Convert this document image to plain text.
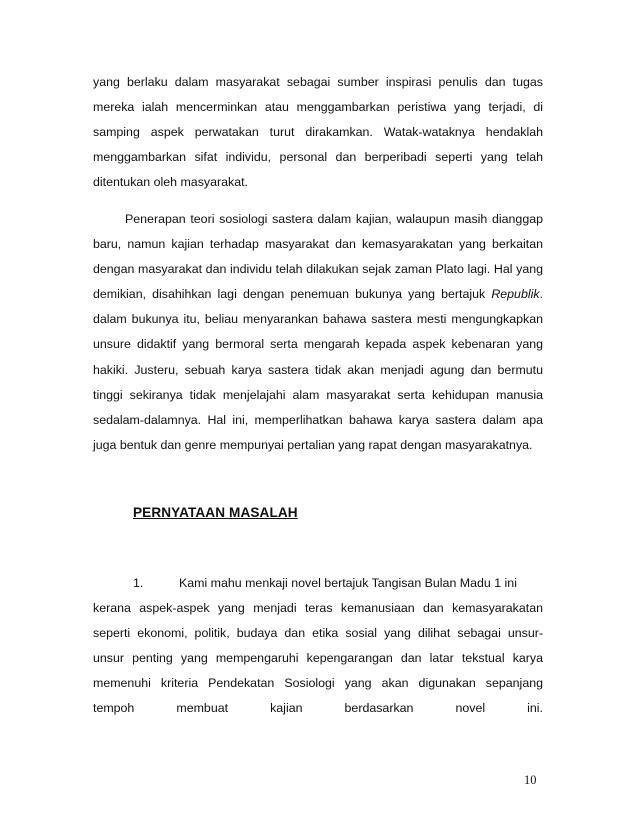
yang berlaku dalam masyarakat sebagai sumber inspirasi penulis dan tugas mereka ialah mencerminkan atau menggambarkan peristiwa yang terjadi, di samping aspek perwatakan turut dirakamkan. Watak-wataknya hendaklah menggambarkan sifat individu, personal dan berperibadi seperti yang telah ditentukan oleh masyarakat.

Penerapan teori sosiologi sastera dalam kajian, walaupun masih dianggap baru, namun kajian terhadap masyarakat dan kemasyarakatan yang berkaitan dengan masyarakat dan individu telah dilakukan sejak zaman Plato lagi. Hal yang demikian, disahihkan lagi dengan penemuan bukunya yang bertajuk Republik. dalam bukunya itu, beliau menyarankan bahawa sastera mesti mengungkapkan unsure didaktif yang bermoral serta mengarah kepada aspek kebenaran yang hakiki. Justeru, sebuah karya sastera tidak akan menjadi agung dan bermutu tinggi sekiranya tidak menjelajahi alam masyarakat serta kehidupan manusia sedalam-dalamnya. Hal ini, memperlihatkan bahawa karya sastera dalam apa juga bentuk dan genre mempunyai pertalian yang rapat dengan masyarakatnya.

PERNYATAAN MASALAH

1.	Kami mahu menkaji novel bertajuk Tangisan Bulan Madu 1 ini
kerana aspek-aspek yang menjadi teras kemanusiaan dan kemasyarakatan
seperti ekonomi, politik, budaya dan etika sosial yang dilihat sebagai unsur-
unsur penting yang mempengaruhi kepengarangan dan latar tekstual karya
memenuhi kriteria Pendekatan Sosiologi yang akan digunakan sepanjang
tempoh membuat kajian berdasarkan novel ini.

10
